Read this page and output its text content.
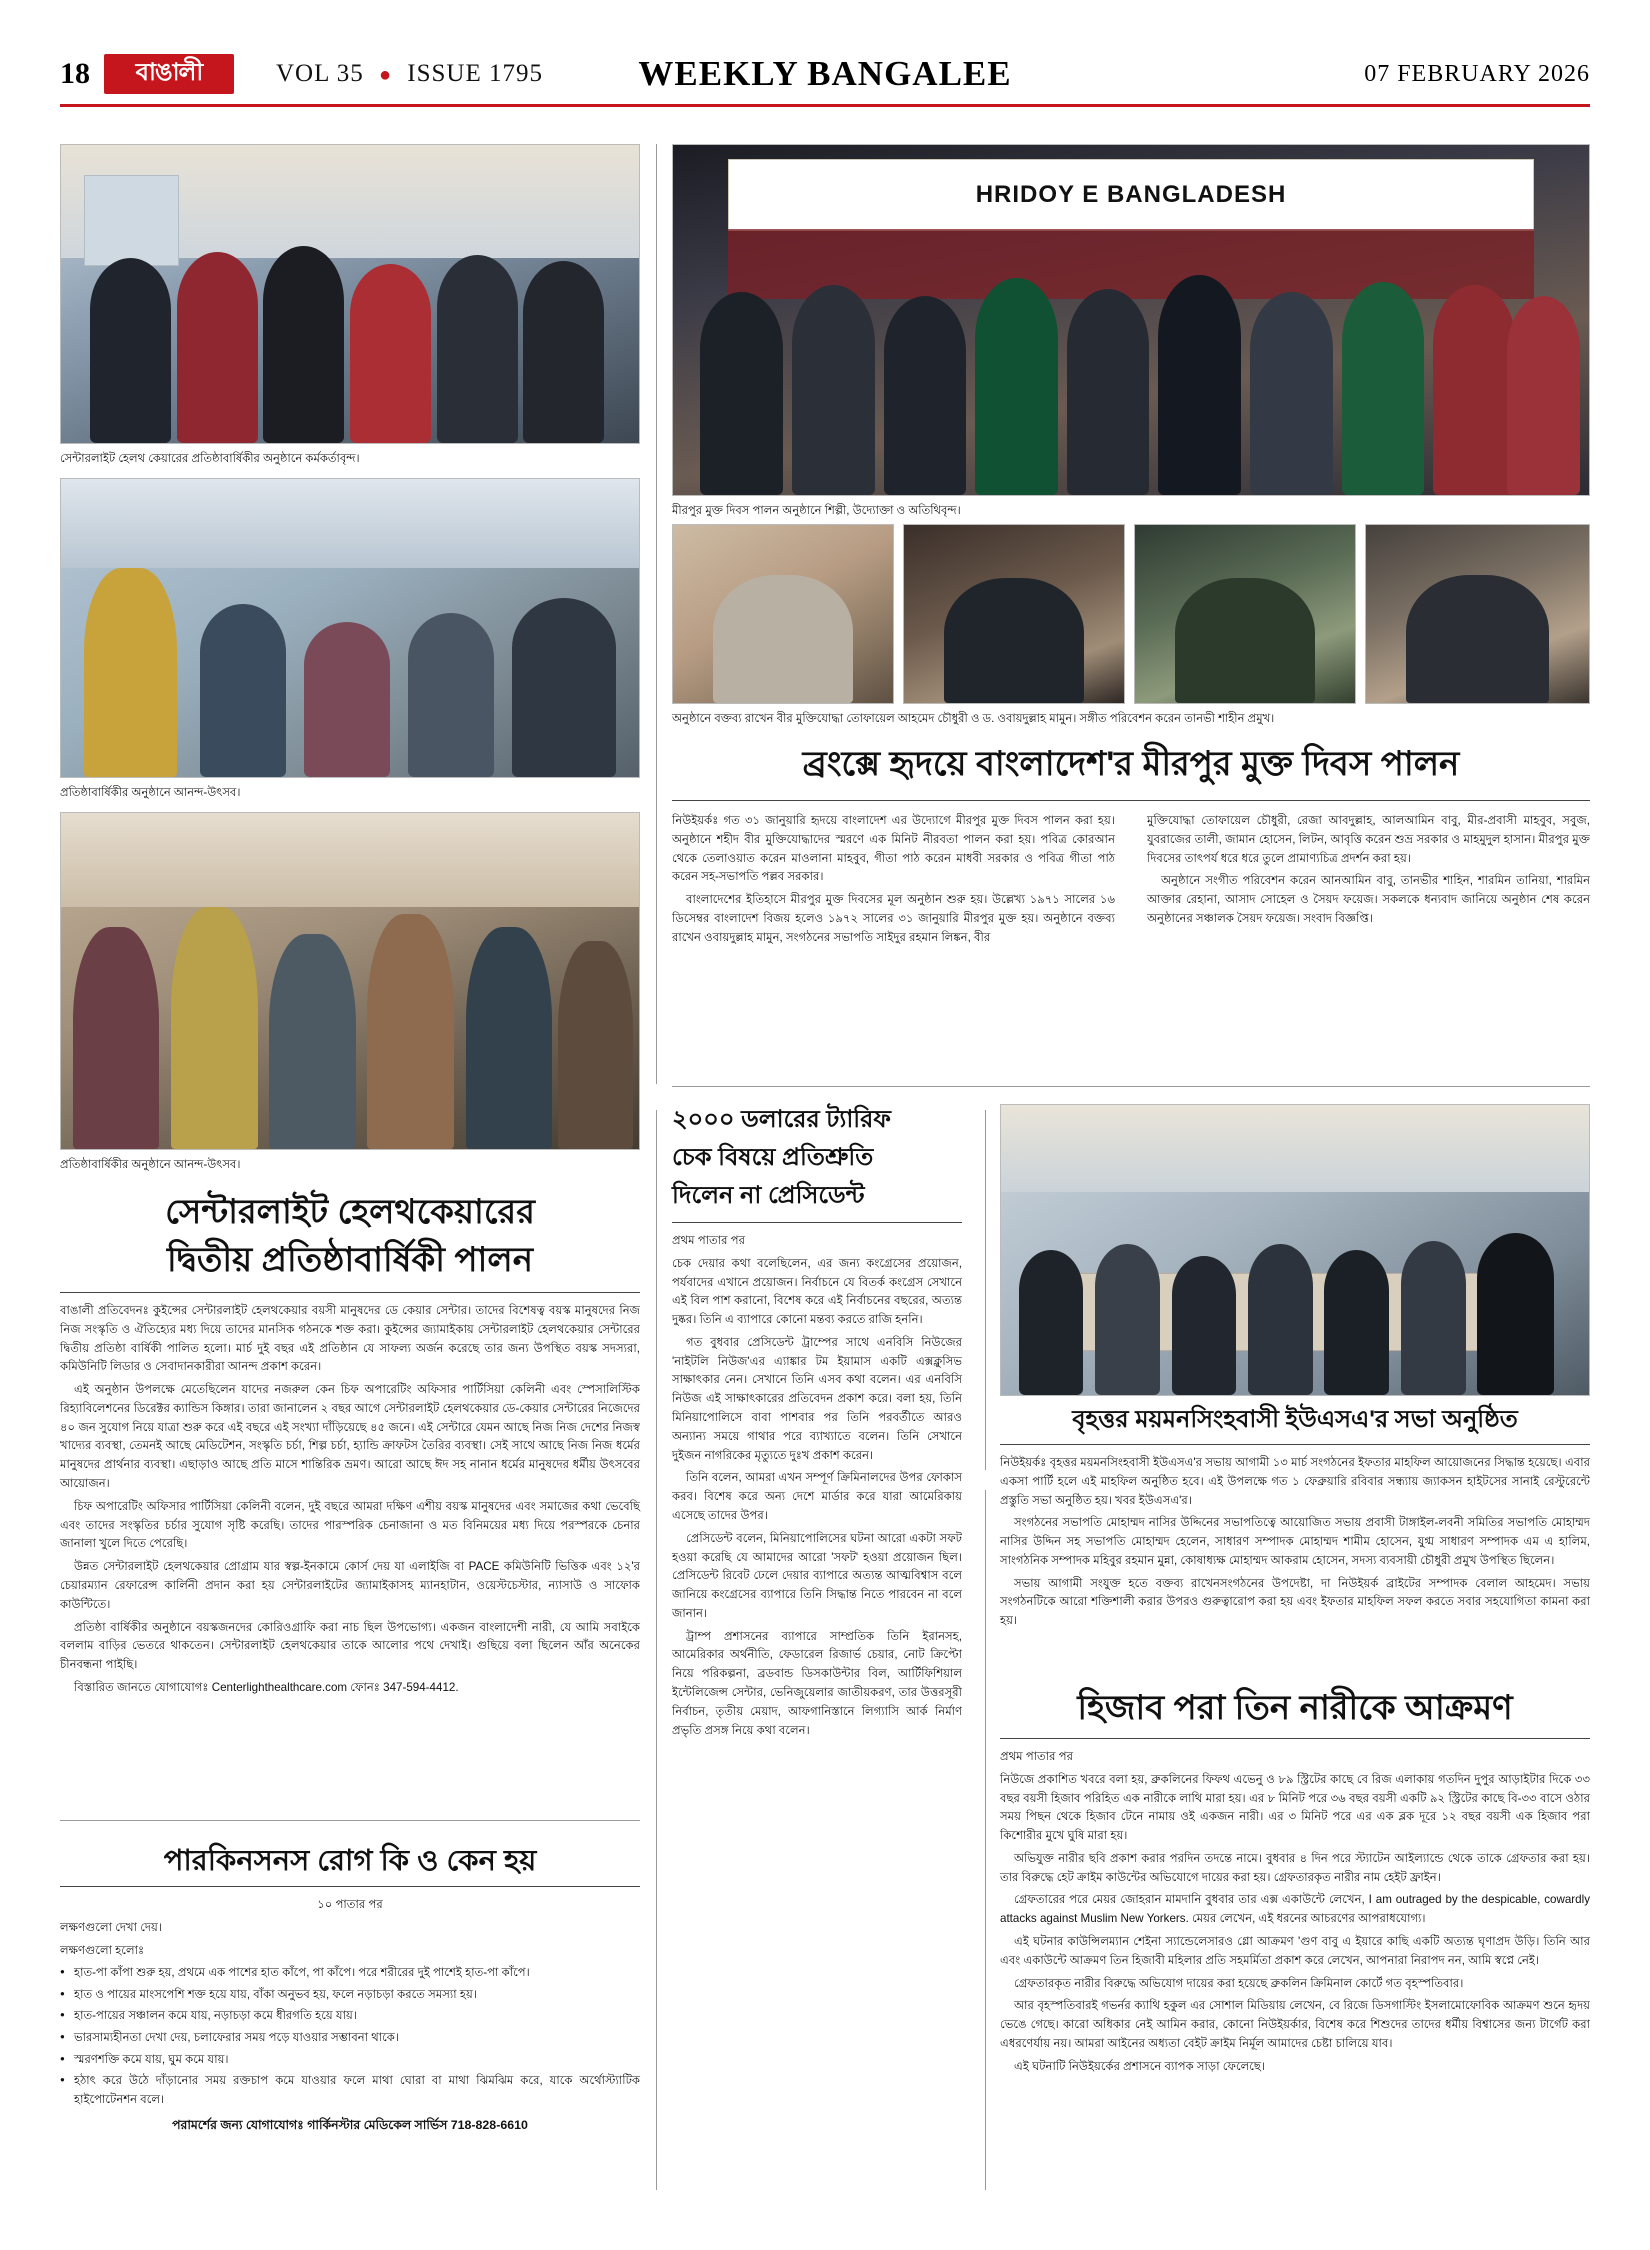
18 বাঙালী	VOL 35 ● ISSUE 1795	WEEKLY BANGALEE	07 FEBRUARY 2026
সেন্টারলাইট হেলথ কেয়ারের প্রতিষ্ঠাবার্ষিকীর অনুষ্ঠানে কর্মকর্তাবৃন্দ।
HRIDOY E BANGLADESH
মীরপুর মুক্ত দিবস পালন অনুষ্ঠানে শিল্পী, উদ্যোক্তা ও অতিথিবৃন্দ।
প্রতিষ্ঠাবার্ষিকীর অনুষ্ঠানে আনন্দ-উৎসব।
অনুষ্ঠানে বক্তব্য রাখেন বীর মুক্তিযোদ্ধা তোফায়েল আহমেদ চৌধুরী ও ড. ওবায়দুল্লাহ মামুন। সঙ্গীত পরিবেশন করেন তানভী শাহীন প্রমুখ।
প্রতিষ্ঠাবার্ষিকীর অনুষ্ঠানে আনন্দ-উৎসব।
ব্রংক্সে হৃদয়ে বাংলাদেশ'র মীরপুর মুক্ত দিবস পালন

নিউইয়র্কঃ গত ৩১ জানুয়ারি হৃদয়ে বাংলাদেশ এর উদ্যোগে মীরপুর মুক্ত দিবস পালন করা হয়। অনুষ্ঠানে শহীদ বীর মুক্তিযোদ্ধাদের স্মরণে এক মিনিট নীরবতা পালন করা হয়। পবিত্র কোরআন থেকে তেলাওয়াত করেন মাওলানা মাহবুব, গীতা পাঠ করেন মাধবী সরকার ও পবিত্র গীতা পাঠ করেন সহ-সভাপতি পল্লব সরকার।

বাংলাদেশের ইতিহাসে মীরপুর মুক্ত দিবসের মূল অনুষ্ঠান শুরু হয়। উল্লেখ্য ১৯৭১ সালের ১৬ ডিসেম্বর বাংলাদেশ বিজয় হলেও ১৯৭২ সালের ৩১ জানুয়ারি মীরপুর মুক্ত হয়। অনুষ্ঠানে বক্তব্য রাখেন ওবায়দুল্লাহ মামুন, সংগঠনের সভাপতি সাইদুর রহমান লিঙ্কন, বীর

মুক্তিযোদ্ধা তোফায়েল চৌধুরী, রেজা আবদুল্লাহ, আলআমিন বাবু, মীর-প্রবাসী মাহবুব, সবুজ, যুবরাজের তালী, জামান হোসেন, লিটন, আবৃত্তি করেন শুভ্র সরকার ও মাহমুদুল হাসান। মীরপুর মুক্ত দিবসের তাৎপর্য ধরে ধরে তুলে প্রামাণ্যচিত্র প্রদর্শন করা হয়।

অনুষ্ঠানে সংগীত পরিবেশন করেন আনআমিন বাবু, তানভীর শাহিন, শারমিন তানিয়া, শারমিন আক্তার রেহানা, আসাদ সোহেল ও সৈয়দ ফয়েজ। সকলকে ধন্যবাদ জানিয়ে অনুষ্ঠান শেষ করেন অনুষ্ঠানের সঞ্চালক সৈয়দ ফয়েজ। সংবাদ বিজ্ঞপ্তি।

সেন্টারলাইট হেলথকেয়ারের
দ্বিতীয় প্রতিষ্ঠাবার্ষিকী পালন

বাঙালী প্রতিবেদনঃ কুইন্সের সেন্টারলাইট হেলথকেয়ার বয়সী মানুষদের ডে কেয়ার সেন্টার। তাদের বিশেষত্ব বয়স্ক মানুষদের নিজ নিজ সংস্কৃতি ও ঐতিহ্যের মধ্য দিয়ে তাদের মানসিক গঠনকে শক্ত করা। কুইন্সের জ্যামাইকায় সেন্টারলাইট হেলথকেয়ার সেন্টারের দ্বিতীয় প্রতিষ্ঠা বার্ষিকী পালিত হলো। মার্চ দুই বছর এই প্রতিষ্ঠান যে সাফল্য অর্জন করেছে তার জন্য উপস্থিত বয়স্ক সদস্যরা, কমিউনিটি লিডার ও সেবাদানকারীরা আনন্দ প্রকাশ করেন।

এই অনুষ্ঠান উপলক্ষে মেতেছিলেন যাদের নজরুল কেন চিফ অপারেটিং অফিসার পার্টিসিয়া কেলিনী এবং স্পেসালিস্টিক রিহ্যাবিলেশনের ডিরেক্টর ক্যান্ডিস কিঙ্গার। তারা জানালেন ২ বছর আগে সেন্টারলাইট হেলথকেয়ার ডে-কেয়ার সেন্টারের নিজেদের ৪০ জন সুযোগ নিয়ে যাত্রা শুরু করে এই বছরে এই সংখ্যা দাঁড়িয়েছে ৪৫ জনে। এই সেন্টারে যেমন আছে নিজ নিজ দেশের নিজস্ব খাদ্যের ব্যবস্থা, তেমনই আছে মেডিটেশন, সংস্কৃতি চর্চা, শিল্প চর্চা, হ্যান্ডি ক্রাফটস তৈরির ব্যবস্থা। সেই সাথে আছে নিজ নিজ ধর্মের মানুষদের প্রার্থনার ব্যবস্থা। এছাড়াও আছে প্রতি মাসে শান্তিরিক ভ্রমণ। আরো আছে ঈদ সহ নানান ধর্মের মানুষদের ধর্মীয় উৎসবের আয়োজন।

চিফ অপারেটিং অফিসার পার্টিসিয়া কেলিনী বলেন, দুই বছরে আমরা দক্ষিণ এশীয় বয়স্ক মানুষদের এবং সমাজের কথা ভেবেছি এবং তাদের সংস্কৃতির চর্চার সুযোগ সৃষ্টি করেছি। তাদের পারস্পরিক চেনাজানা ও মত বিনিময়ের মধ্য দিয়ে পরস্পরকে চেনার জানালা খুলে দিতে পেরেছি।

উন্নত সেন্টারলাইট হেলথকেয়ার প্রোগ্রাম যার স্বল্প-ইনকামে কোর্স দেয় যা এলাইজি বা PACE কমিউনিটি ভিত্তিক এবং ১২'র চেয়ারম্যান রেফারেন্স কার্লিনী প্রদান করা হয় সেন্টারলাইটের জ্যামাইকাসহ ম্যানহাটান, ওয়েস্টচেস্টার, ন্যাসাউ ও সাফোক কাউন্টিতে।

প্রতিষ্ঠা বার্ষিকীর অনুষ্ঠানে বয়স্কজনদের কোরিওগ্রাফি করা নাচ ছিল উপভোগ্য। একজন বাংলাদেশী নারী, যে আমি সবাইকে বললাম বাড়ির ভেতরে থাকতেন। সেন্টারলাইট হেলথকেয়ার তাকে আলোর পথে দেখাই। গুছিয়ে বলা ছিলেন আঁর অনেকের চীনবন্ধনা পাইছি।

বিস্তারিত জানতে যোগাযোগঃ Centerlighthealthcare.com ফোনঃ 347-594-4412.

পারকিনসনস রোগ কি ও কেন হয়

১০ পাতার পর

লক্ষণগুলো দেখা দেয়।

লক্ষণগুলো হলোঃ

● হাত-পা কাঁপা শুরু হয়, প্রথমে এক পাশের হাত কাঁপে, পা কাঁপে। পরে শরীরের দুই পাশেই হাত-পা কাঁপে।
● হাত ও পায়ের মাংসপেশি শক্ত হয়ে যায়, বাঁকা অনুভব হয়, ফলে নড়াচড়া করতে সমস্যা হয়।
● হাত-পায়ের সঞ্চালন কমে যায়, নড়াচড়া কমে ধীরগতি হয়ে যায়।
● ভারসাম্যহীনতা দেখা দেয়, চলাফেরার সময় পড়ে যাওয়ার সম্ভাবনা থাকে।
● স্মরণশক্তি কমে যায়, ঘুম কমে যায়।
● হঠাৎ করে উঠে দাঁড়ানোর সময় রক্তচাপ কমে যাওয়ার ফলে মাথা ঘোরা বা মাথা ঝিমঝিম করে, যাকে অর্থোস্ট্যাটিক হাইপোটেনশন বলে।

পরামর্শের জন্য যোগাযোগঃ গার্কিনস্টার মেডিকেল সার্ভিস 718-828-6610

২০০০ ডলারের ট্যারিফ
চেক বিষয়ে প্রতিশ্রুতি
দিলেন না প্রেসিডেন্ট

প্রথম পাতার পর

চেক দেয়ার কথা বলেছিলেন, এর জন্য কংগ্রেসের প্রয়োজন, পর্যবাদের এখানে প্রয়োজন। নির্বাচনে যে বিতর্ক কংগ্রেস সেখানে এই বিল পাশ করানো, বিশেষ করে এই নির্বাচনের বছরের, অত্যন্ত দুষ্কর। তিনি এ ব্যাপারে কোনো মন্তব্য করতে রাজি হননি।

গত বুধবার প্রেসিডেন্ট ট্রাম্পের সাথে এনবিসি নিউজের 'নাইটলি নিউজ'এর এ্যাঙ্কার টম ইয়ামাস একটি এক্সক্লুসিভ সাক্ষাৎকার নেন। সেখানে তিনি এসব কথা বলেন। এর এনবিসি নিউজ এই সাক্ষাৎকারের প্রতিবেদন প্রকাশ করে। বলা হয়, তিনি মিনিয়াপোলিসে বাবা পাশবার পর তিনি পরবর্তীতে আরও অন্যান্য সময়ে গাথার পরে ব্যাখ্যাতে বলেন। তিনি সেখানে দুইজন নাগরিকের মৃত্যুতে দুঃখ প্রকাশ করেন।

তিনি বলেন, আমরা এখন সম্পূর্ণ ক্রিমিনালদের উপর ফোকাস করব। বিশেষ করে অন্য দেশে মার্ডার করে যারা আমেরিকায় এসেছে তাদের উপর।

প্রেসিডেন্ট বলেন, মিনিয়াপোলিসের ঘটনা আরো একটা সফট হওয়া করেছি যে আমাদের আরো 'সফট' হওয়া প্রয়োজন ছিল। প্রেসিডেন্ট রিবেট ঢেলে দেয়ার ব্যাপারে অত্যন্ত আত্মবিশ্বাস বলে জানিয়ে কংগ্রেসের ব্যাপারে তিনি সিদ্ধান্ত নিতে পারবেন না বলে জানান।

ট্রাম্প প্রশাসনের ব্যাপারে সাম্প্রতিক তিনি ইরানসহ, আমেরিকার অর্থনীতি, ফেডারেল রিজার্ভ চেয়ার, নোট ক্রিপ্টো নিয়ে পরিকল্পনা, ব্রডবান্ড ডিসকাউন্টার বিল, আর্টিফিশিয়াল ইন্টেলিজেন্স সেন্টার, ভেনিজুয়েলার জাতীয়করণ, তার উত্তরসূরী নির্বাচন, তৃতীয় মেয়াদ, আফগানিস্তানে লিগ্যাসি আর্ক নির্মাণ প্রভৃতি প্রসঙ্গ নিয়ে কথা বলেন।

বৃহত্তর ময়মনসিংহবাসী ইউএসএ'র সভা অনুষ্ঠিত

নিউইয়র্কঃ বৃহত্তর ময়মনসিংহবাসী ইউএসএ'র সভায় আগামী ১৩ মার্চ সংগঠনের ইফতার মাহফিল আয়োজনের সিদ্ধান্ত হয়েছে। এবার একসা পার্টি হলে এই মাহফিল অনুষ্ঠিত হবে। এই উপলক্ষে গত ১ ফেব্রুয়ারি রবিবার সন্ধ্যায় জ্যাকসন হাইটসের সানাই রেস্টুরেন্টে প্রস্তুতি সভা অনুষ্ঠিত হয়। খবর ইউএসএ'র।

সংগঠনের সভাপতি মোহাম্মদ নাসির উদ্দিনের সভাপতিত্বে আয়োজিত সভায় প্রবাসী টাঙ্গাইল-লবনী সমিতির সভাপতি মোহাম্মদ নাসির উদ্দিন সহ সভাপতি মোহাম্মদ হেলেন, সাধারণ সম্পাদক মোহাম্মদ শামীম হোসেন, যুগ্ম সাধারণ সম্পাদক এম এ হালিম, সাংগঠনিক সম্পাদক মহিবুর রহমান মুন্না, কোষাধ্যক্ষ মোহাম্মদ আকরাম হোসেন, সদস্য ব্যবসায়ী চৌধুরী প্রমুখ উপস্থিত ছিলেন।

সভায় আগামী সংযুক্ত হতে বক্তব্য রাখেনসংগঠনের উপদেষ্টা, দা নিউইয়র্ক ব্রাইটের সম্পাদক বেলাল আহমেদ। সভায় সংগঠনটিকে আরো শক্তিশালী করার উপরও গুরুত্বারোপ করা হয় এবং ইফতার মাহফিল সফল করতে সবার সহযোগিতা কামনা করা হয়।

হিজাব পরা তিন নারীকে আক্রমণ

প্রথম পাতার পর

নিউজে প্রকাশিত খবরে বলা হয়, ব্রুকলিনের ফিফথ এভেনু ও ৮৯ স্ট্রিটের কাছে বে রিজ এলাকায় গতদিন দুপুর আড়াইটার দিকে ৩৩ বছর বয়সী হিজাব পরিহিত এক নারীকে লাথি মারা হয়। এর ৮ মিনিট পরে ৩৬ বছর বয়সী একটি ৯২ স্ট্রিটের কাছে বি-৩৩ বাসে ওঠার সময় পিছন থেকে হিজাব টেনে নামায় ওই একজন নারী। এর ৩ মিনিট পরে এর এক ব্লক দূরে ১২ বছর বয়সী এক হিজাব পরা কিশোরীর মুখে ঘুষি মারা হয়।

অভিযুক্ত নারীর ছবি প্রকাশ করার পরদিন তদন্তে নামে। বুধবার ৪ দিন পরে স্ট্যাটেন আইল্যান্ডে থেকে তাকে গ্রেফতার করা হয়। তার বিরুদ্ধে হেট ক্রাইম কাউন্টের অভিযোগে দায়ের করা হয়। গ্রেফতারকৃত নারীর নাম হেইট ফ্রাইন।

গ্রেফতারের পরে মেয়র জোহরান মামদানি বুধবার তার এক্স একাউন্টে লেখেন, I am outraged by the despicable, cowardly attacks against Muslim New Yorkers. মেয়র লেখেন, এই ধরনের আচরণের আপরাধযোগ্য।

এই ঘটনার কাউন্সিলম্যান শেইনা স্যান্ডেলেসারও গ্লো আক্রমণ 'গুণ বাবু এ ইয়ারে কাছি একটি অত্যন্ত ঘৃণাপ্রদ উড়ি। তিনি আর এবং একাউন্টে আক্রমণ তিন হিজাবী মহিলার প্রতি সহমর্মিতা প্রকাশ করে লেখেন, আপনারা নিরাপদ নন, আমি স্বপ্নে নেই।

গ্রেফতারকৃত নারীর বিরুদ্ধে অভিযোগ দায়ের করা হয়েছে ব্রুকলিন ক্রিমিনাল কোর্টে গত বৃহস্পতিবার।

আর বৃহস্পতিবারই গভর্নর ক্যাথি হকুল এর সোশাল মিডিয়ায় লেখেন, বে রিজে ডিসগাস্টিং ইসলামোফোবিক আক্রমণ শুনে হৃদয় ভেঙে গেছে। কারো অধিকার নেই আমিন করার, কোনো নিউইয়র্কার, বিশেষ করে শিশুদের তাদের ধর্মীয় বিশ্বাসের জন্য টার্গেট করা এধরণের্যায় নয়। আমরা আইনের অধ্যতা বেইট ক্রাইম নির্মূল আমাদের চেষ্টা চালিয়ে যাব।

এই ঘটনাটি নিউইয়র্কের প্রশাসনে ব্যাপক সাড়া ফেলেছে।
